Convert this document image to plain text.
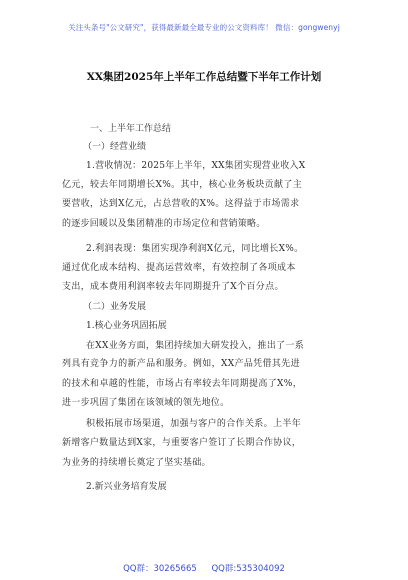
关注头条号"公文研究"，获得最新最全最专业的公文资料库！ 微信：gongwenyj
XX集团2025年上半年工作总结暨下半年工作计划
一、上半年工作总结
（一）经营业绩
1.营收情况：2025年上半年，XX集团实现营业收入X
亿元，较去年同期增长X%。其中，核心业务板块贡献了主
要营收，达到X亿元，占总营收的X%。这得益于市场需求
的逐步回暖以及集团精准的市场定位和营销策略。
2.利润表现：集团实现净利润X亿元，同比增长X%。
通过优化成本结构、提高运营效率，有效控制了各项成本
支出，成本费用利润率较去年同期提升了X个百分点。
（二）业务发展
1.核心业务巩固拓展
在XX业务方面，集团持续加大研发投入，推出了一系
列具有竞争力的新产品和服务。例如，XX产品凭借其先进
的技术和卓越的性能，市场占有率较去年同期提高了X%，
进一步巩固了集团在该领域的领先地位。
积极拓展市场渠道，加强与客户的合作关系。上半年
新增客户数量达到X家，与重要客户签订了长期合作协议，
为业务的持续增长奠定了坚实基础。
2.新兴业务培育发展
QQ群：30265665 QQ群:535304092
